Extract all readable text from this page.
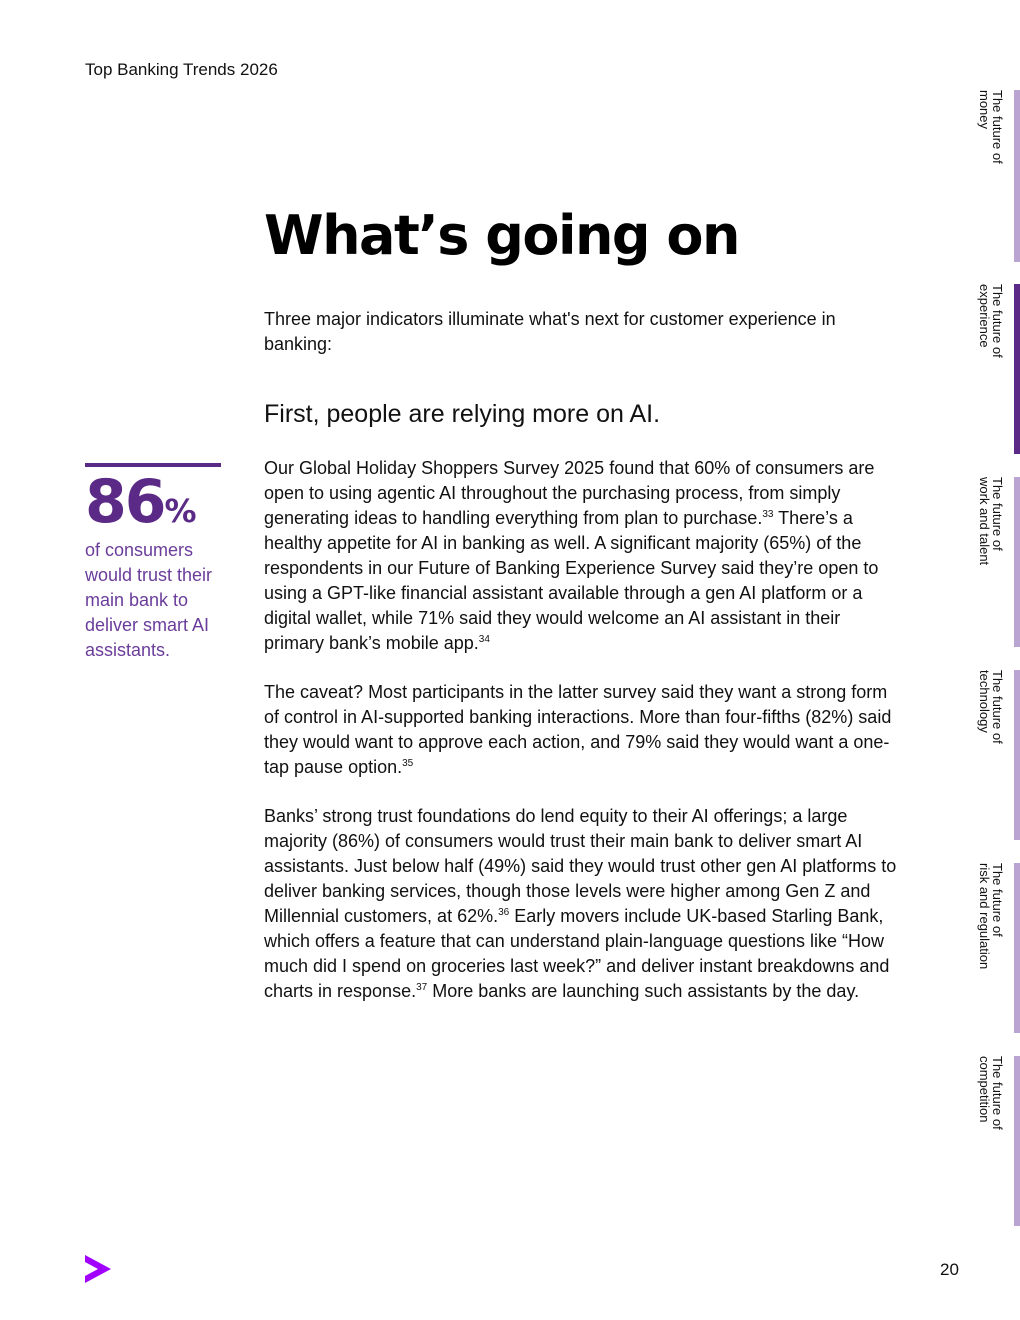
Top Banking Trends 2026
What’s going on

Three major indicators illuminate what's next for customer experience in banking:

First, people are relying more on AI.
86%
of consumers would trust their main bank to deliver smart AI assistants.

Our Global Holiday Shoppers Survey 2025 found that 60% of consumers are open to using agentic AI throughout the purchasing process, from simply generating ideas to handling everything from plan to purchase.$^{33}$ There’s a healthy appetite for AI in banking as well. A significant majority (65%) of the respondents in our Future of Banking Experience Survey said they’re open to using a GPT-like financial assistant available through a gen AI platform or a digital wallet, while 71% said they would welcome an AI assistant in their primary bank’s mobile app.$^{34}$

The caveat? Most participants in the latter survey said they want a strong form of control in AI-supported banking interactions. More than four-fifths (82%) said they would want to approve each action, and 79% said they would want a one-tap pause option.$^{35}$

Banks’ strong trust foundations do lend equity to their AI offerings; a large majority (86%) of consumers would trust their main bank to deliver smart AI assistants. Just below half (49%) said they would trust other gen AI platforms to deliver banking services, though those levels were higher among Gen Z and Millennial customers, at 62%.$^{36}$ Early movers include UK-based Starling Bank, which offers a feature that can understand plain-language questions like “How much did I spend on groceries last week?” and deliver instant breakdowns and charts in response.$^{37}$ More banks are launching such assistants by the day.

The future of
money
The future of
experience
The future of
work and talent
The future of
technology
The future of
risk and regulation
The future of
competition
20
